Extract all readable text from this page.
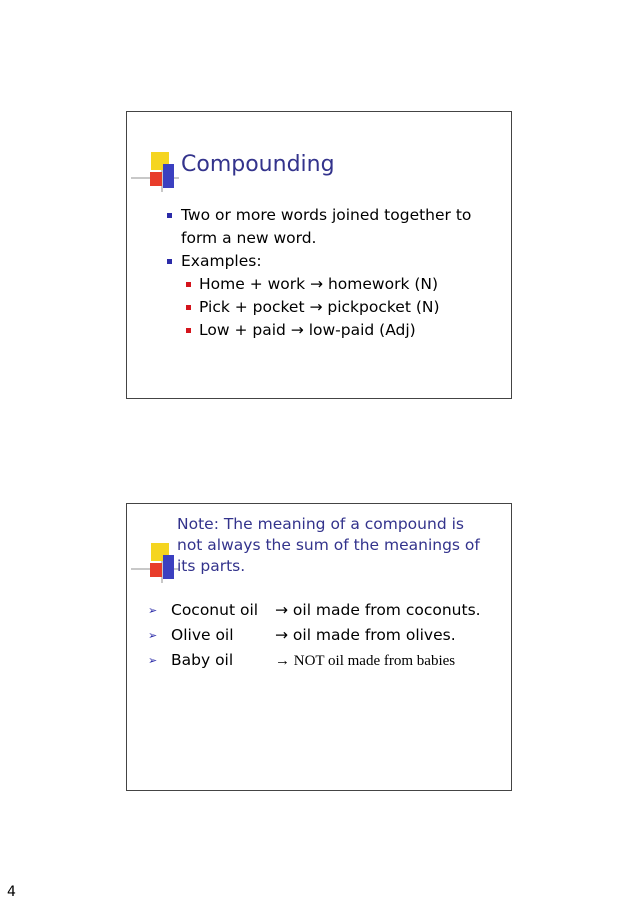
Compounding
Two or more words joined together to form a new word.
Examples:
Home + work → homework (N)
Pick + pocket → pickpocket (N)
Low + paid → low-paid (Adj)
Note: The meaning of a compound is not always the sum of the meanings of its parts.
➢ Coconut oil → oil made from coconuts.
➢ Olive oil	→ oil made from olives.
➢ Baby oil	→ NOT oil made from babies
4
